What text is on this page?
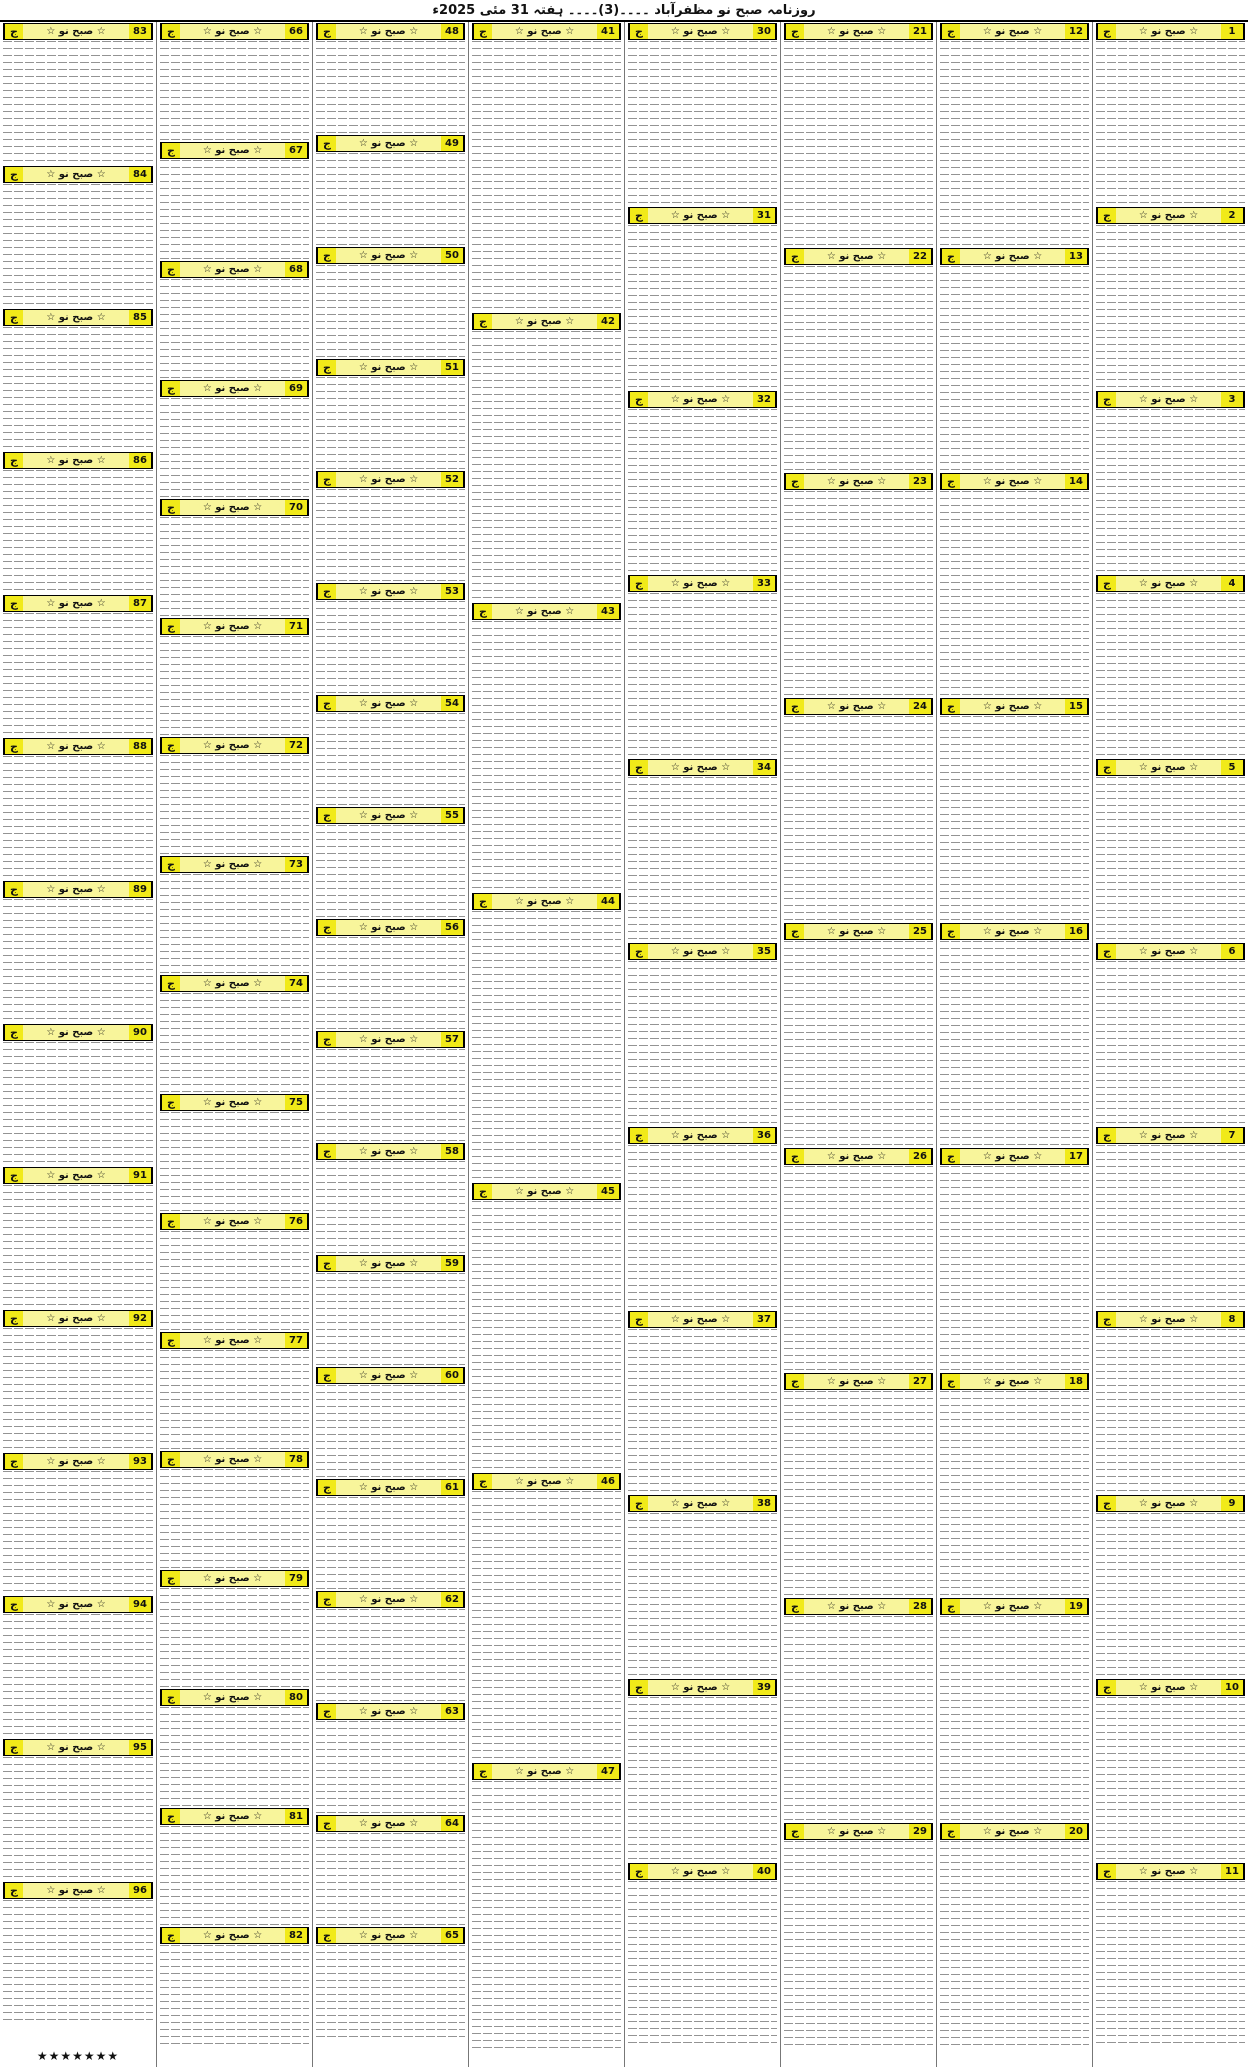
روزنامہ صبح نو مظفرآباد ۔۔۔۔(3)۔۔۔۔ ہفتہ 31 مئی 2025ء
ج	☆ صبح نو ☆	1
ج	☆ صبح نو ☆	2
ج	☆ صبح نو ☆	3
ج	☆ صبح نو ☆	4
ج	☆ صبح نو ☆	5
ج	☆ صبح نو ☆	6
ج	☆ صبح نو ☆	7
ج	☆ صبح نو ☆	8
ج	☆ صبح نو ☆	9
ج	☆ صبح نو ☆	10
ج	☆ صبح نو ☆	11
ج	☆ صبح نو ☆	12
ج	☆ صبح نو ☆	13
ج	☆ صبح نو ☆	14
ج	☆ صبح نو ☆	15
ج	☆ صبح نو ☆	16
ج	☆ صبح نو ☆	17
ج	☆ صبح نو ☆	18
ج	☆ صبح نو ☆	19
ج	☆ صبح نو ☆	20
ج	☆ صبح نو ☆	21
ج	☆ صبح نو ☆	22
ج	☆ صبح نو ☆	23
ج	☆ صبح نو ☆	24
ج	☆ صبح نو ☆	25
ج	☆ صبح نو ☆	26
ج	☆ صبح نو ☆	27
ج	☆ صبح نو ☆	28
ج	☆ صبح نو ☆	29
ج	☆ صبح نو ☆	30
ج	☆ صبح نو ☆	31
ج	☆ صبح نو ☆	32
ج	☆ صبح نو ☆	33
ج	☆ صبح نو ☆	34
ج	☆ صبح نو ☆	35
ج	☆ صبح نو ☆	36
ج	☆ صبح نو ☆	37
ج	☆ صبح نو ☆	38
ج	☆ صبح نو ☆	39
ج	☆ صبح نو ☆	40
ج	☆ صبح نو ☆	41
ج	☆ صبح نو ☆	42
ج	☆ صبح نو ☆	43
ج	☆ صبح نو ☆	44
ج	☆ صبح نو ☆	45
ج	☆ صبح نو ☆	46
ج	☆ صبح نو ☆	47
ج	☆ صبح نو ☆	48
ج	☆ صبح نو ☆	49
ج	☆ صبح نو ☆	50
ج	☆ صبح نو ☆	51
ج	☆ صبح نو ☆	52
ج	☆ صبح نو ☆	53
ج	☆ صبح نو ☆	54
ج	☆ صبح نو ☆	55
ج	☆ صبح نو ☆	56
ج	☆ صبح نو ☆	57
ج	☆ صبح نو ☆	58
ج	☆ صبح نو ☆	59
ج	☆ صبح نو ☆	60
ج	☆ صبح نو ☆	61
ج	☆ صبح نو ☆	62
ج	☆ صبح نو ☆	63
ج	☆ صبح نو ☆	64
ج	☆ صبح نو ☆	65
ج	☆ صبح نو ☆	66
ج	☆ صبح نو ☆	67
ج	☆ صبح نو ☆	68
ج	☆ صبح نو ☆	69
ج	☆ صبح نو ☆	70
ج	☆ صبح نو ☆	71
ج	☆ صبح نو ☆	72
ج	☆ صبح نو ☆	73
ج	☆ صبح نو ☆	74
ج	☆ صبح نو ☆	75
ج	☆ صبح نو ☆	76
ج	☆ صبح نو ☆	77
ج	☆ صبح نو ☆	78
ج	☆ صبح نو ☆	79
ج	☆ صبح نو ☆	80
ج	☆ صبح نو ☆	81
ج	☆ صبح نو ☆	82
ج	☆ صبح نو ☆	83
ج	☆ صبح نو ☆	84
ج	☆ صبح نو ☆	85
ج	☆ صبح نو ☆	86
ج	☆ صبح نو ☆	87
ج	☆ صبح نو ☆	88
ج	☆ صبح نو ☆	89
ج	☆ صبح نو ☆	90
ج	☆ صبح نو ☆	91
ج	☆ صبح نو ☆	92
ج	☆ صبح نو ☆	93
ج	☆ صبح نو ☆	94
ج	☆ صبح نو ☆	95
ج	☆ صبح نو ☆	96
★★★★★★★
